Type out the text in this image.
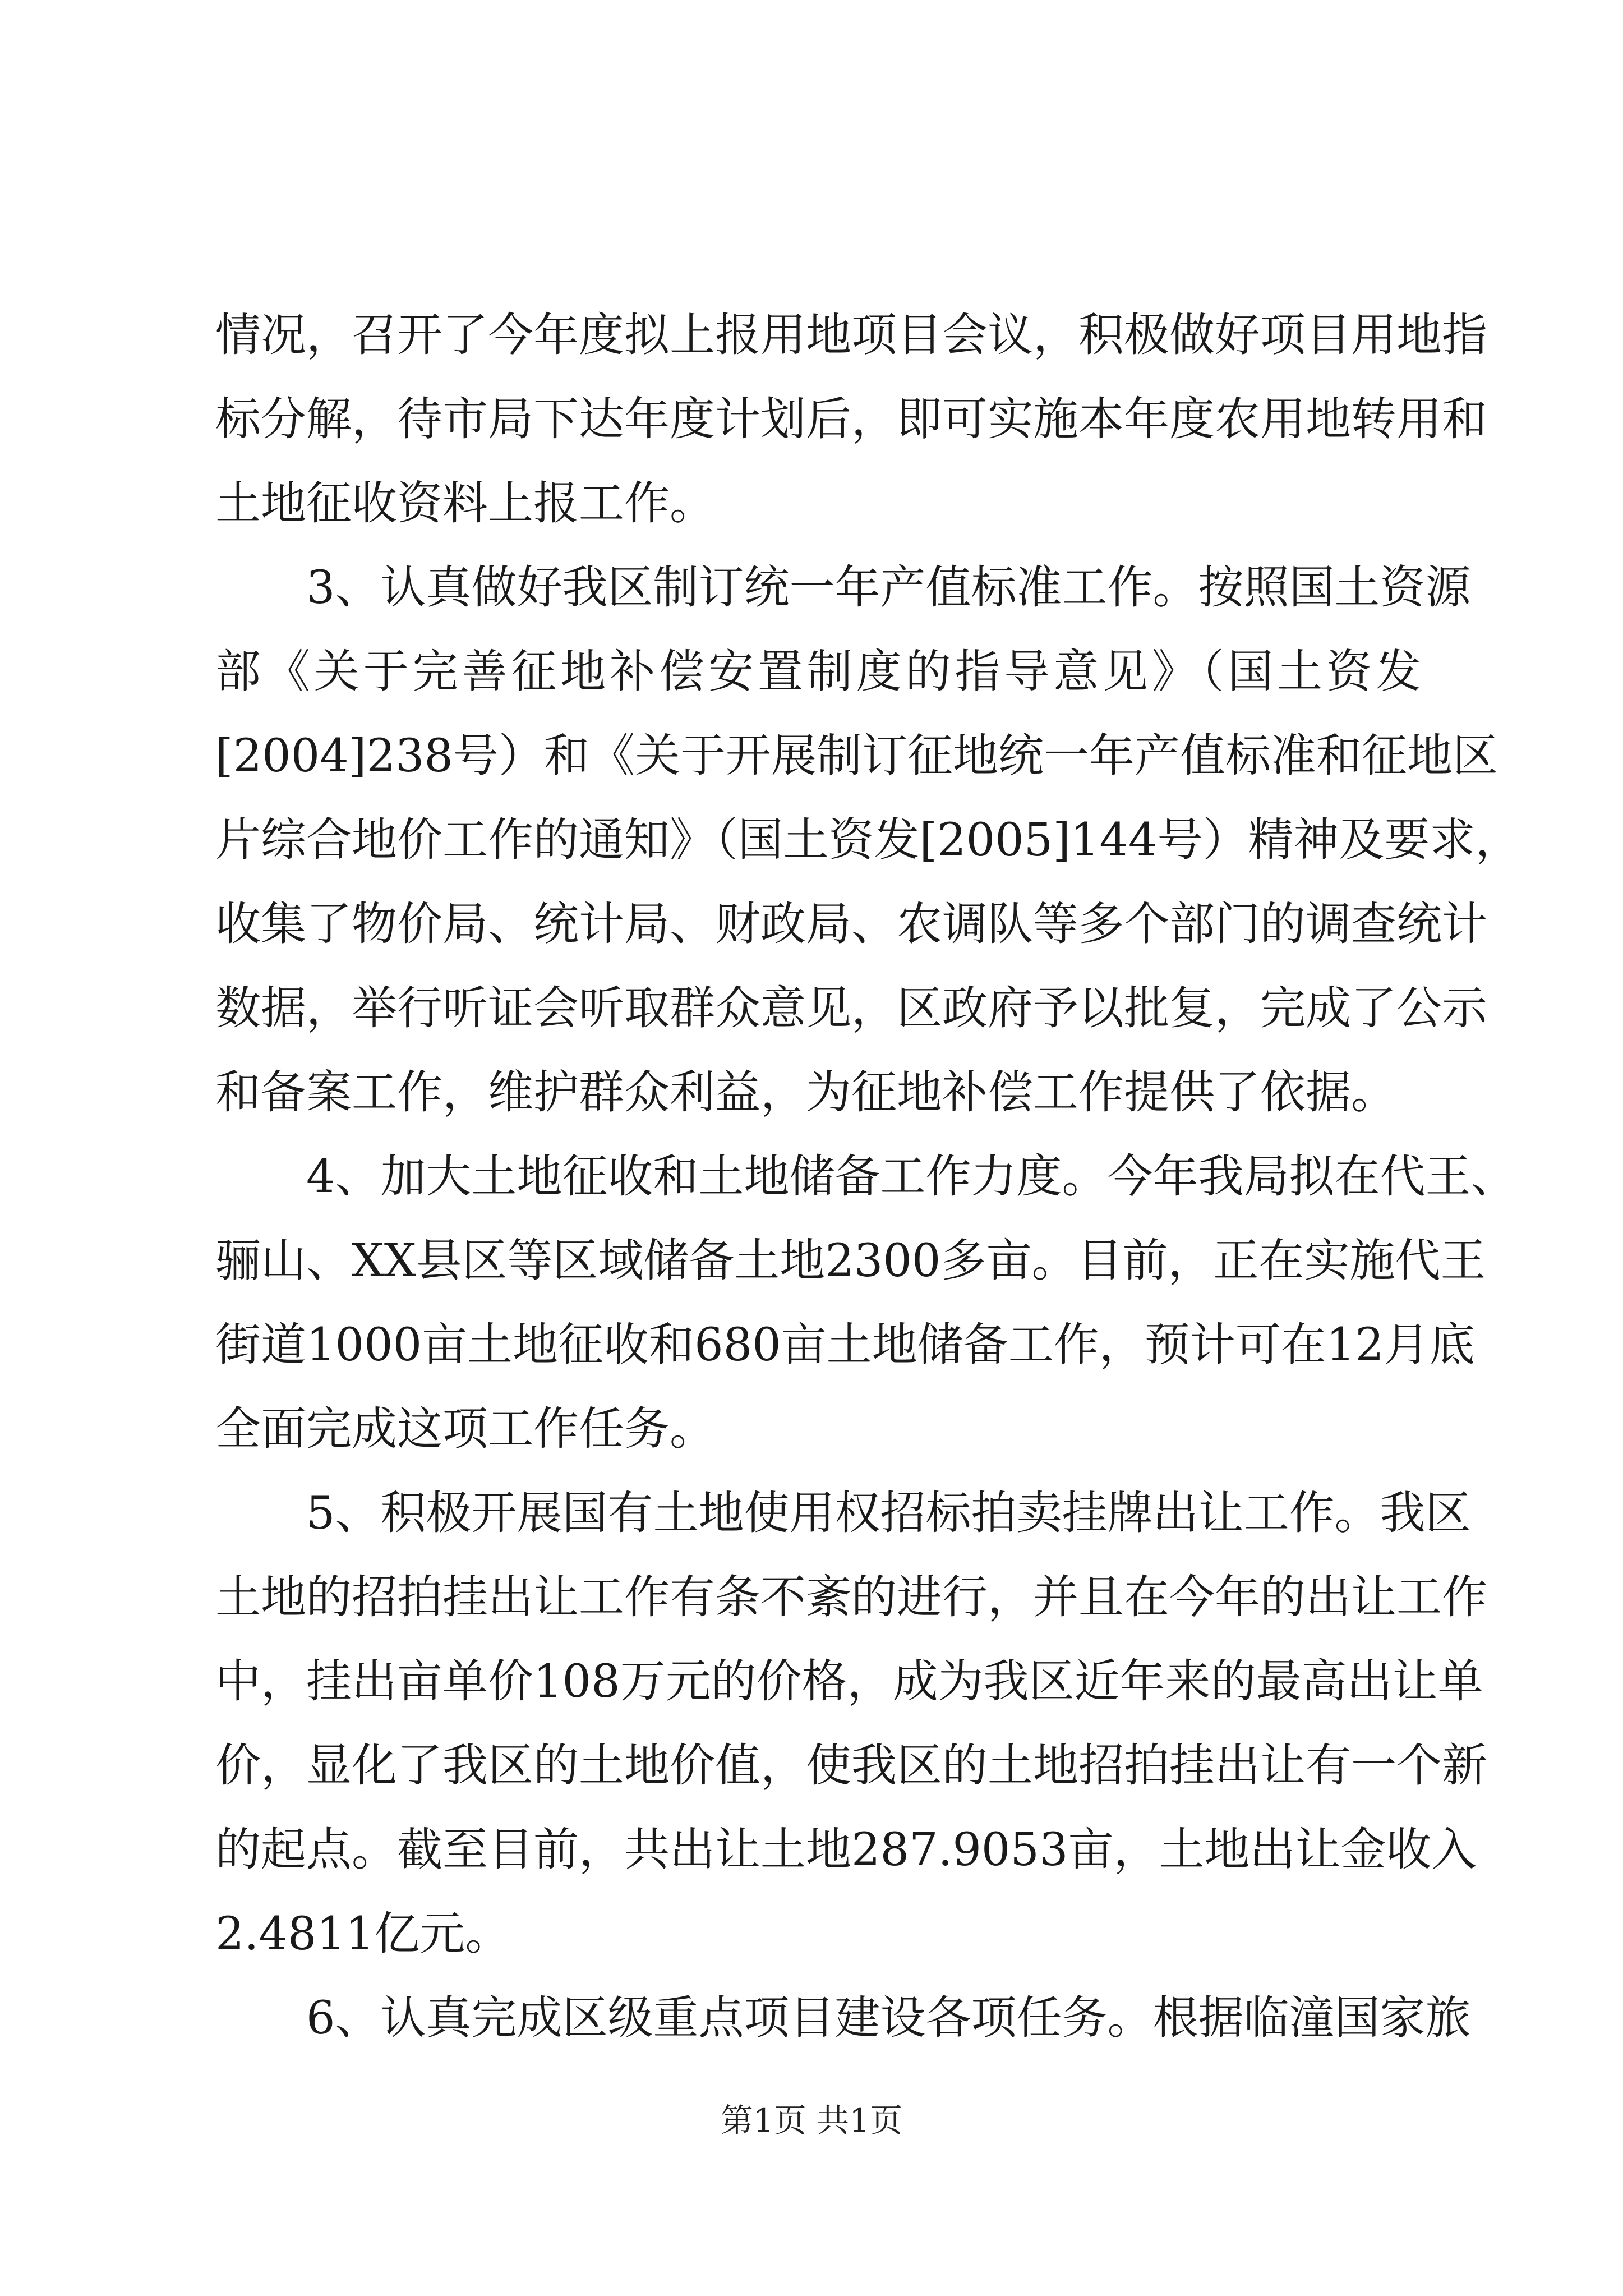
情况，召开了今年度拟上报用地项目会议，积极做好项目用地指
标分解，待市局下达年度计划后，即可实施本年度农用地转用和
土地征收资料上报工作。
3、认真做好我区制订统一年产值标准工作。按照国土资源
部《关于完善征地补偿安置制度的指导意见》（国土资发
[2004]238号）和《关于开展制订征地统一年产值标准和征地区
片综合地价工作的通知》（国土资发[2005]144号）精神及要求，
收集了物价局、统计局、财政局、农调队等多个部门的调查统计
数据，举行听证会听取群众意见，区政府予以批复，完成了公示
和备案工作，维护群众利益，为征地补偿工作提供了依据。
4、加大土地征收和土地储备工作力度。今年我局拟在代王、
骊山、XX县区等区域储备土地2300多亩。目前，正在实施代王
街道1000亩土地征收和680亩土地储备工作，预计可在12月底
全面完成这项工作任务。
5、积极开展国有土地使用权招标拍卖挂牌出让工作。我区
土地的招拍挂出让工作有条不紊的进行，并且在今年的出让工作
中，挂出亩单价108万元的价格，成为我区近年来的最高出让单
价，显化了我区的土地价值，使我区的土地招拍挂出让有一个新
的起点。截至目前，共出让土地287.9053亩，土地出让金收入
2.4811亿元。
6、认真完成区级重点项目建设各项任务。根据临潼国家旅
第1页 共1页
